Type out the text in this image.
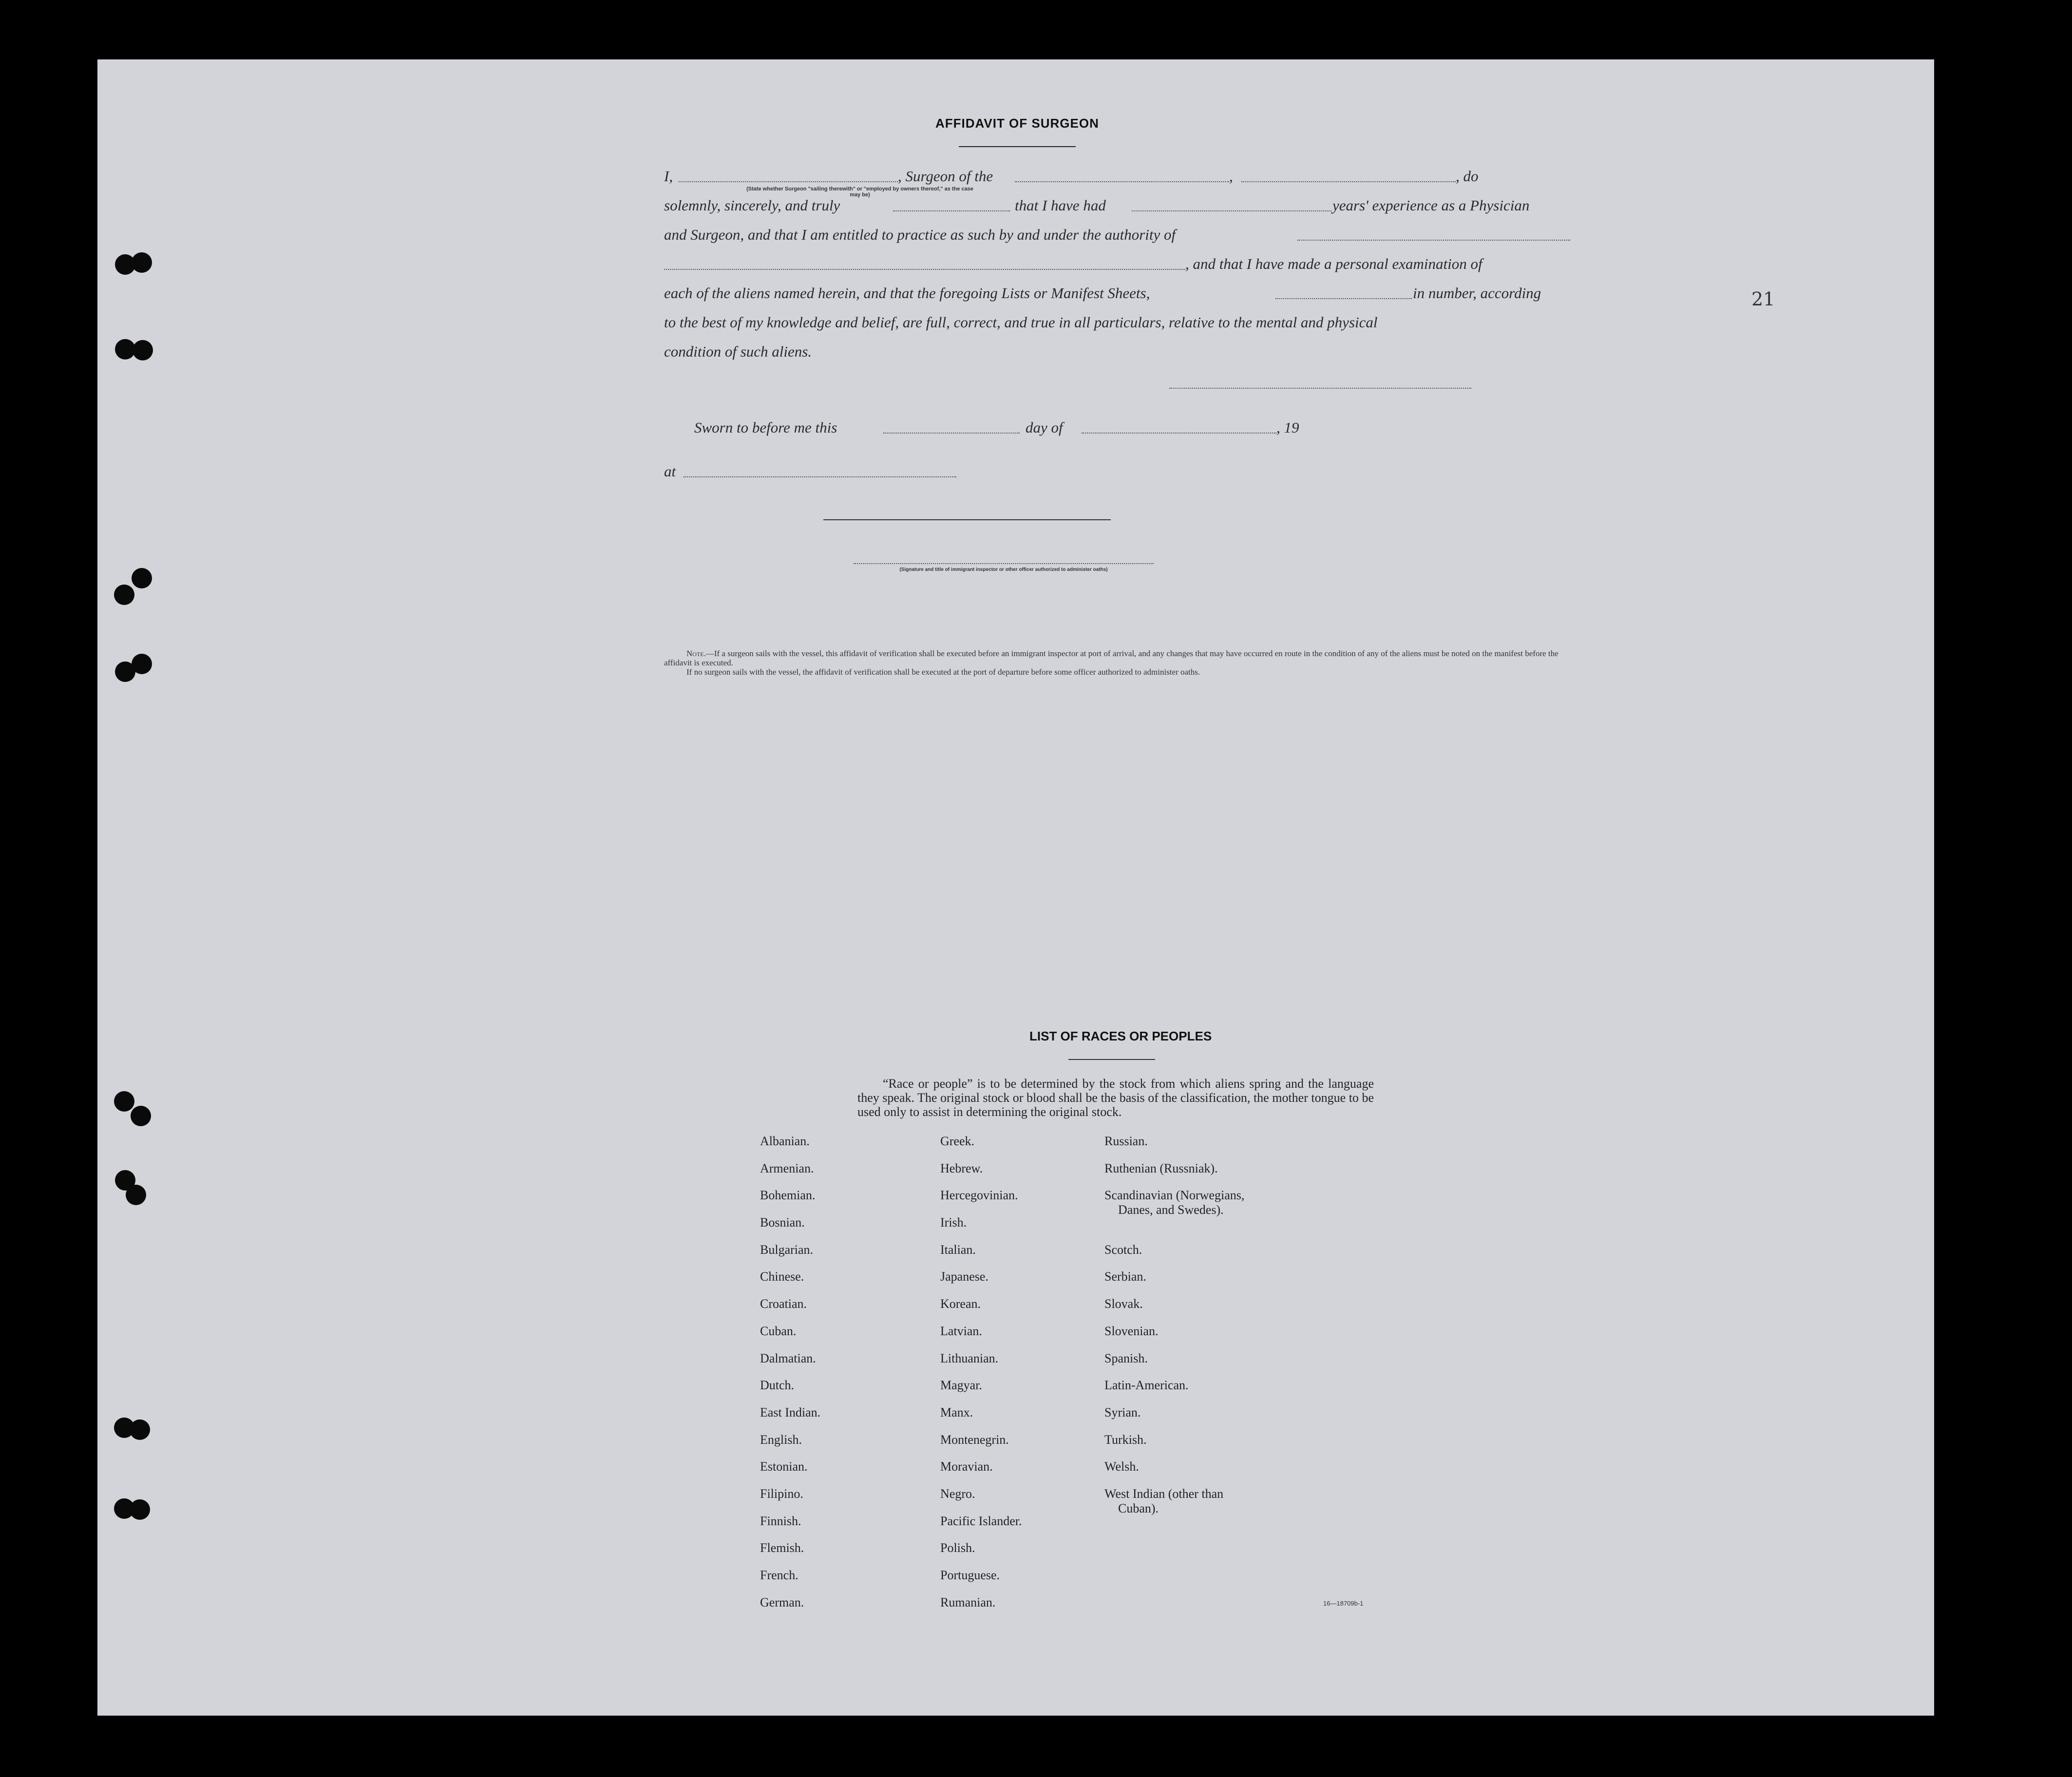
21
AFFIDAVIT OF SURGEON
I,	, Surgeon of the	,	, do
(State whether Surgeon "sailing therewith" or "employed by owners thereof," as the case may be)
solemnly, sincerely, and truly	that I have had	years' experience as a Physician
and Surgeon, and that I am entitled to practice as such by and under the authority of
, and that I have made a personal examination of
each of the aliens named herein, and that the foregoing Lists or Manifest Sheets,	in number, according
to the best of my knowledge and belief, are full, correct, and true in all particulars, relative to the mental and physical
condition of such aliens.
Sworn to before me this	day of	, 19
at
(Signature and title of immigrant inspector or other officer authorized to administer oaths)
Note.—If a surgeon sails with the vessel, this affidavit of verification shall be executed before an immigrant inspector at port of arrival, and any changes that may have occurred en route in the condition of any of the aliens must be noted on the manifest before the affidavit is executed.
If no surgeon sails with the vessel, the affidavit of verification shall be executed at the port of departure before some officer authorized to administer oaths.
LIST OF RACES OR PEOPLES
“Race or people” is to be determined by the stock from which aliens spring and the language they speak. The original stock or blood shall be the basis of the classification, the mother tongue to be used only to assist in determining the original stock.
Albanian.
Armenian.
Bohemian.
Bosnian.
Bulgarian.
Chinese.
Croatian.
Cuban.
Dalmatian.
Dutch.
East Indian.
English.
Estonian.
Filipino.
Finnish.
Flemish.
French.
German.
Greek.
Hebrew.
Hercegovinian.
Irish.
Italian.
Japanese.
Korean.
Latvian.
Lithuanian.
Magyar.
Manx.
Montenegrin.
Moravian.
Negro.
Pacific Islander.
Polish.
Portuguese.
Rumanian.
Russian.
Ruthenian (Russniak).
Scandinavian (Norwegians,
Danes, and Swedes).
Scotch.
Serbian.
Slovak.
Slovenian.
Spanish.
Latin-American.
Syrian.
Turkish.
Welsh.
West Indian (other than
Cuban).
16—18709b-1
